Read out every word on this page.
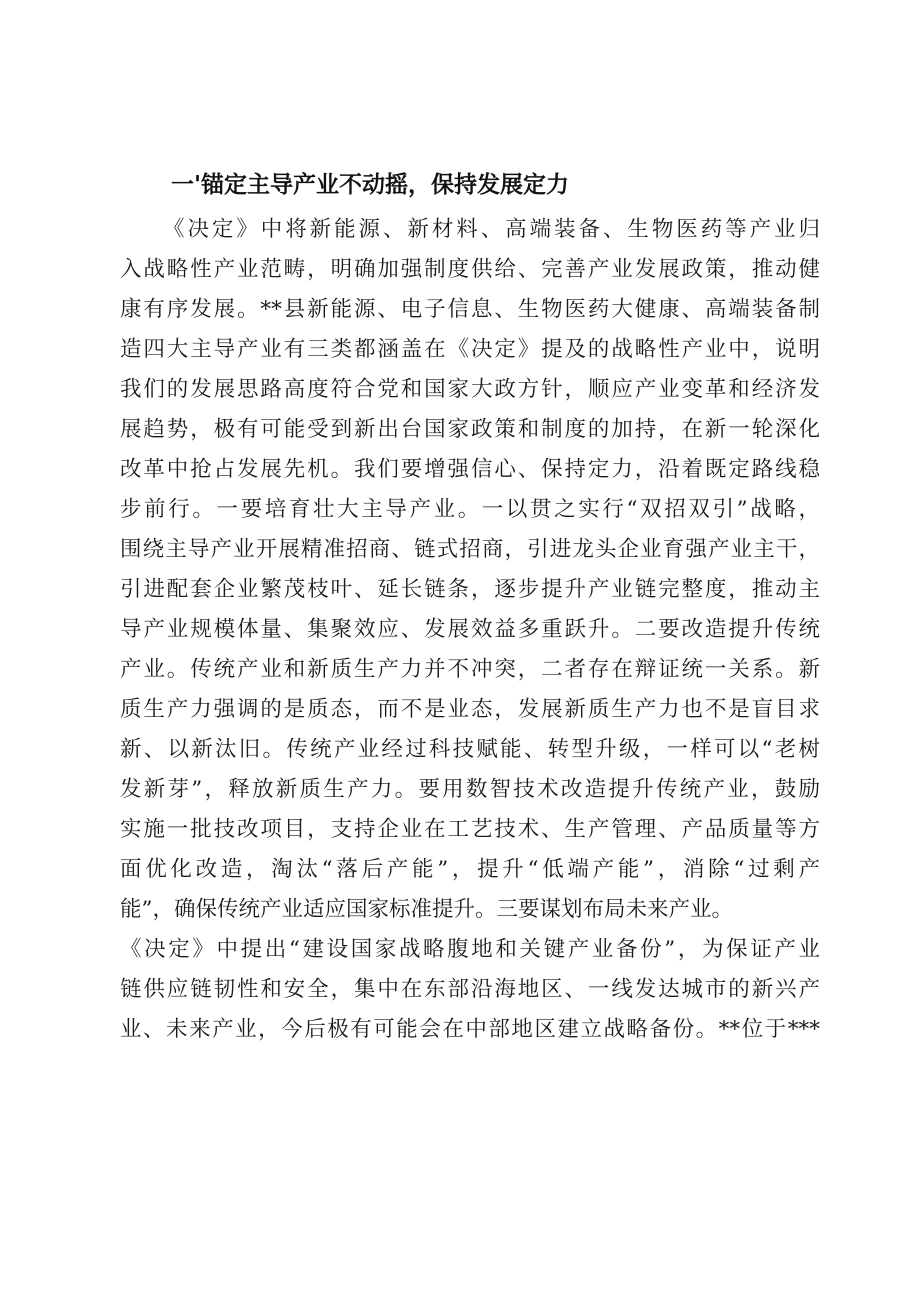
一'锚定主导产业不动摇，保持发展定力
《决定》中将新能源、新材料、高端装备、生物医药等产业归
入战略性产业范畴，明确加强制度供给、完善产业发展政策，推动健
康有序发展。**县新能源、电子信息、生物医药大健康、高端装备制
造四大主导产业有三类都涵盖在《决定》提及的战略性产业中，说明
我们的发展思路高度符合党和国家大政方针，顺应产业变革和经济发
展趋势，极有可能受到新出台国家政策和制度的加持，在新一轮深化
改革中抢占发展先机。我们要增强信心、保持定力，沿着既定路线稳
步前行。一要培育壮大主导产业。一以贯之实行“双招双引”战略，
围绕主导产业开展精准招商、链式招商，引进龙头企业育强产业主干，
引进配套企业繁茂枝叶、延长链条，逐步提升产业链完整度，推动主
导产业规模体量、集聚效应、发展效益多重跃升。二要改造提升传统
产业。传统产业和新质生产力并不冲突，二者存在辩证统一关系。新
质生产力强调的是质态，而不是业态，发展新质生产力也不是盲目求
新、以新汰旧。传统产业经过科技赋能、转型升级，一样可以“老树
发新芽”，释放新质生产力。要用数智技术改造提升传统产业，鼓励
实施一批技改项目，支持企业在工艺技术、生产管理、产品质量等方
面优化改造，淘汰“落后产能”，提升“低端产能”，消除“过剩产
能”，确保传统产业适应国家标准提升。三要谋划布局未来产业。
《决定》中提出“建设国家战略腹地和关键产业备份”，为保证产业
链供应链韧性和安全，集中在东部沿海地区、一线发达城市的新兴产
业、未来产业，今后极有可能会在中部地区建立战略备份。**位于***
